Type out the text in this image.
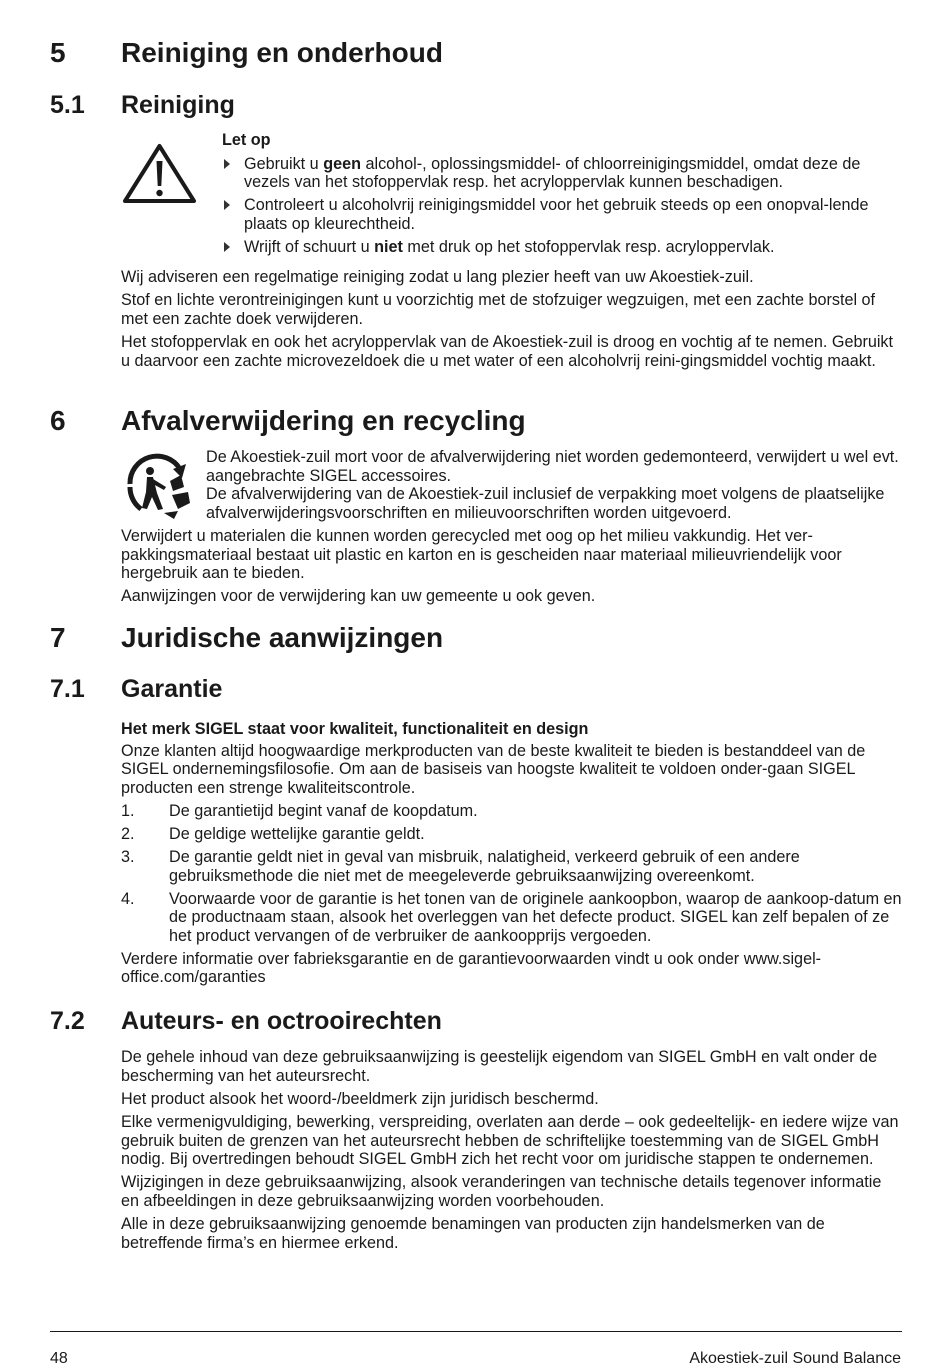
5 Reiniging en onderhoud
5.1 Reiniging
Let op
Gebruikt u geen alcohol-, oplossingsmiddel- of chloorreinigingsmiddel, omdat deze de vezels van het stofoppervlak resp. het acryloppervlak kunnen beschadigen.
Controleert u alcoholvrij reinigingsmiddel voor het gebruik steeds op een onopval-lende plaats op kleurechtheid.
Wrijft of schuurt u niet met druk op het stofoppervlak resp. acryloppervlak.

Wij adviseren een regelmatige reiniging zodat u lang plezier heeft van uw Akoestiek-zuil.

Stof en lichte verontreinigingen kunt u voorzichtig met de stofzuiger wegzuigen, met een zachte borstel of met een zachte doek verwijderen.

Het stofoppervlak en ook het acryloppervlak van de Akoestiek-zuil is droog en vochtig af te nemen. Gebruikt u daarvoor een zachte microvezeldoek die u met water of een alcoholvrij reini-gingsmiddel vochtig maakt.

6 Afvalverwijdering en recycling
De Akoestiek-zuil mort voor de afvalverwijdering niet worden gedemonteerd, verwijdert u wel evt. aangebrachte SIGEL accessoires.
De afvalverwijdering van de Akoestiek-zuil inclusief de verpakking moet volgens de plaatselijke afvalverwijderingsvoorschriften en milieuvoorschriften worden uitgevoerd.

Verwijdert u materialen die kunnen worden gerecycled met oog op het milieu vakkundig. Het ver-pakkingsmateriaal bestaat uit plastic en karton en is gescheiden naar materiaal milieuvriendelijk voor hergebruik aan te bieden.

Aanwijzingen voor de verwijdering kan uw gemeente u ook geven.

7 Juridische aanwijzingen
7.1 Garantie

Het merk SIGEL staat voor kwaliteit, functionaliteit en design

Onze klanten altijd hoogwaardige merkproducten van de beste kwaliteit te bieden is bestanddeel van de SIGEL ondernemingsfilosofie. Om aan de basiseis van hoogste kwaliteit te voldoen onder-gaan SIGEL producten een strenge kwaliteitscontrole.

1. De garantietijd begint vanaf de koopdatum.
2. De geldige wettelijke garantie geldt.
3. De garantie geldt niet in geval van misbruik, nalatigheid, verkeerd gebruik of een andere gebruiksmethode die niet met de meegeleverde gebruiksaanwijzing overeenkomt.
4. Voorwaarde voor de garantie is het tonen van de originele aankoopbon, waarop de aankoop-datum en de productnaam staan, alsook het overleggen van het defecte product. SIGEL kan zelf bepalen of ze het product vervangen of de verbruiker de aankoopprijs vergoeden.

Verdere informatie over fabrieksgarantie en de garantievoorwaarden vindt u ook onder www.sigel-office.com/garanties

7.2 Auteurs- en octrooirechten

De gehele inhoud van deze gebruiksaanwijzing is geestelijk eigendom van SIGEL GmbH en valt onder de bescherming van het auteursrecht.

Het product alsook het woord-/beeldmerk zijn juridisch beschermd.

Elke vermenigvuldiging, bewerking, verspreiding, overlaten aan derde – ook gedeeltelijk- en iedere wijze van gebruik buiten de grenzen van het auteursrecht hebben de schriftelijke toestemming van de SIGEL GmbH nodig. Bij overtredingen behoudt SIGEL GmbH zich het recht voor om juridische stappen te ondernemen.

Wijzigingen in deze gebruiksaanwijzing, alsook veranderingen van technische details tegenover informatie en afbeeldingen in deze gebruiksaanwijzing worden voorbehouden.

Alle in deze gebruiksaanwijzing genoemde benamingen van producten zijn handelsmerken van de betreffende firma’s en hiermee erkend.

48	Akoestiek-zuil Sound Balance
